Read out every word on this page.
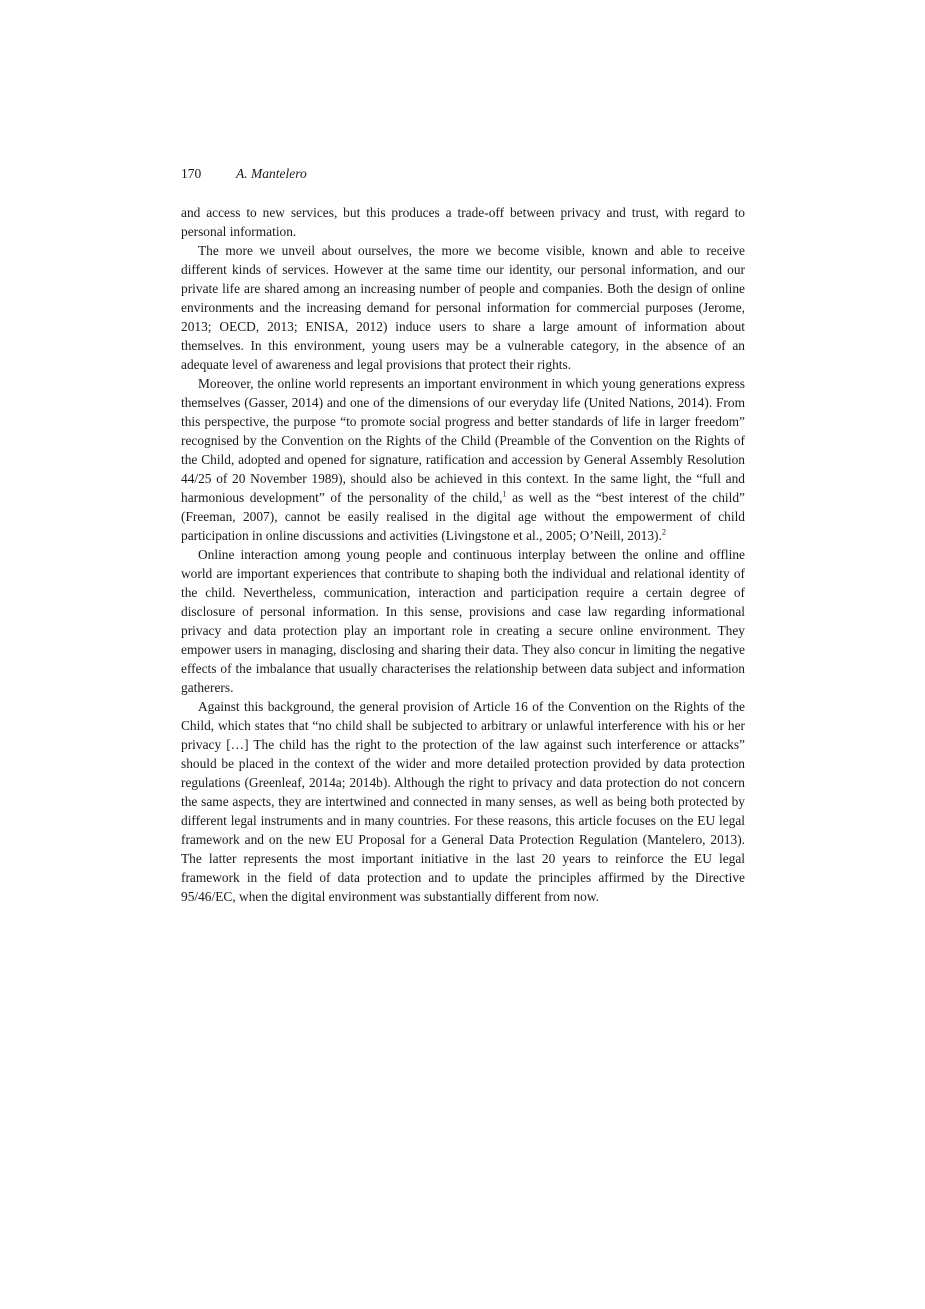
170	A. Mantelero

and access to new services, but this produces a trade-off between privacy and trust, with regard to personal information.

The more we unveil about ourselves, the more we become visible, known and able to receive different kinds of services. However at the same time our identity, our personal information, and our private life are shared among an increasing number of people and companies. Both the design of online environments and the increasing demand for personal information for commercial purposes (Jerome, 2013; OECD, 2013; ENISA, 2012) induce users to share a large amount of information about themselves. In this environment, young users may be a vulnerable category, in the absence of an adequate level of awareness and legal provisions that protect their rights.

Moreover, the online world represents an important environment in which young generations express themselves (Gasser, 2014) and one of the dimensions of our everyday life (United Nations, 2014). From this perspective, the purpose “to promote social progress and better standards of life in larger freedom” recognised by the Convention on the Rights of the Child (Preamble of the Convention on the Rights of the Child, adopted and opened for signature, ratification and accession by General Assembly Resolution 44/25 of 20 November 1989), should also be achieved in this context. In the same light, the “full and harmonious development” of the personality of the child,$^1$ as well as the “best interest of the child” (Freeman, 2007), cannot be easily realised in the digital age without the empowerment of child participation in online discussions and activities (Livingstone et al., 2005; O’Neill, 2013).$^2$

Online interaction among young people and continuous interplay between the online and offline world are important experiences that contribute to shaping both the individual and relational identity of the child. Nevertheless, communication, interaction and participation require a certain degree of disclosure of personal information. In this sense, provisions and case law regarding informational privacy and data protection play an important role in creating a secure online environment. They empower users in managing, disclosing and sharing their data. They also concur in limiting the negative effects of the imbalance that usually characterises the relationship between data subject and information gatherers.

Against this background, the general provision of Article 16 of the Convention on the Rights of the Child, which states that “no child shall be subjected to arbitrary or unlawful interference with his or her privacy […] The child has the right to the protection of the law against such interference or attacks” should be placed in the context of the wider and more detailed protection provided by data protection regulations (Greenleaf, 2014a; 2014b). Although the right to privacy and data protection do not concern the same aspects, they are intertwined and connected in many senses, as well as being both protected by different legal instruments and in many countries. For these reasons, this article focuses on the EU legal framework and on the new EU Proposal for a General Data Protection Regulation (Mantelero, 2013). The latter represents the most important initiative in the last 20 years to reinforce the EU legal framework in the field of data protection and to update the principles affirmed by the Directive 95/46/EC, when the digital environment was substantially different from now.
